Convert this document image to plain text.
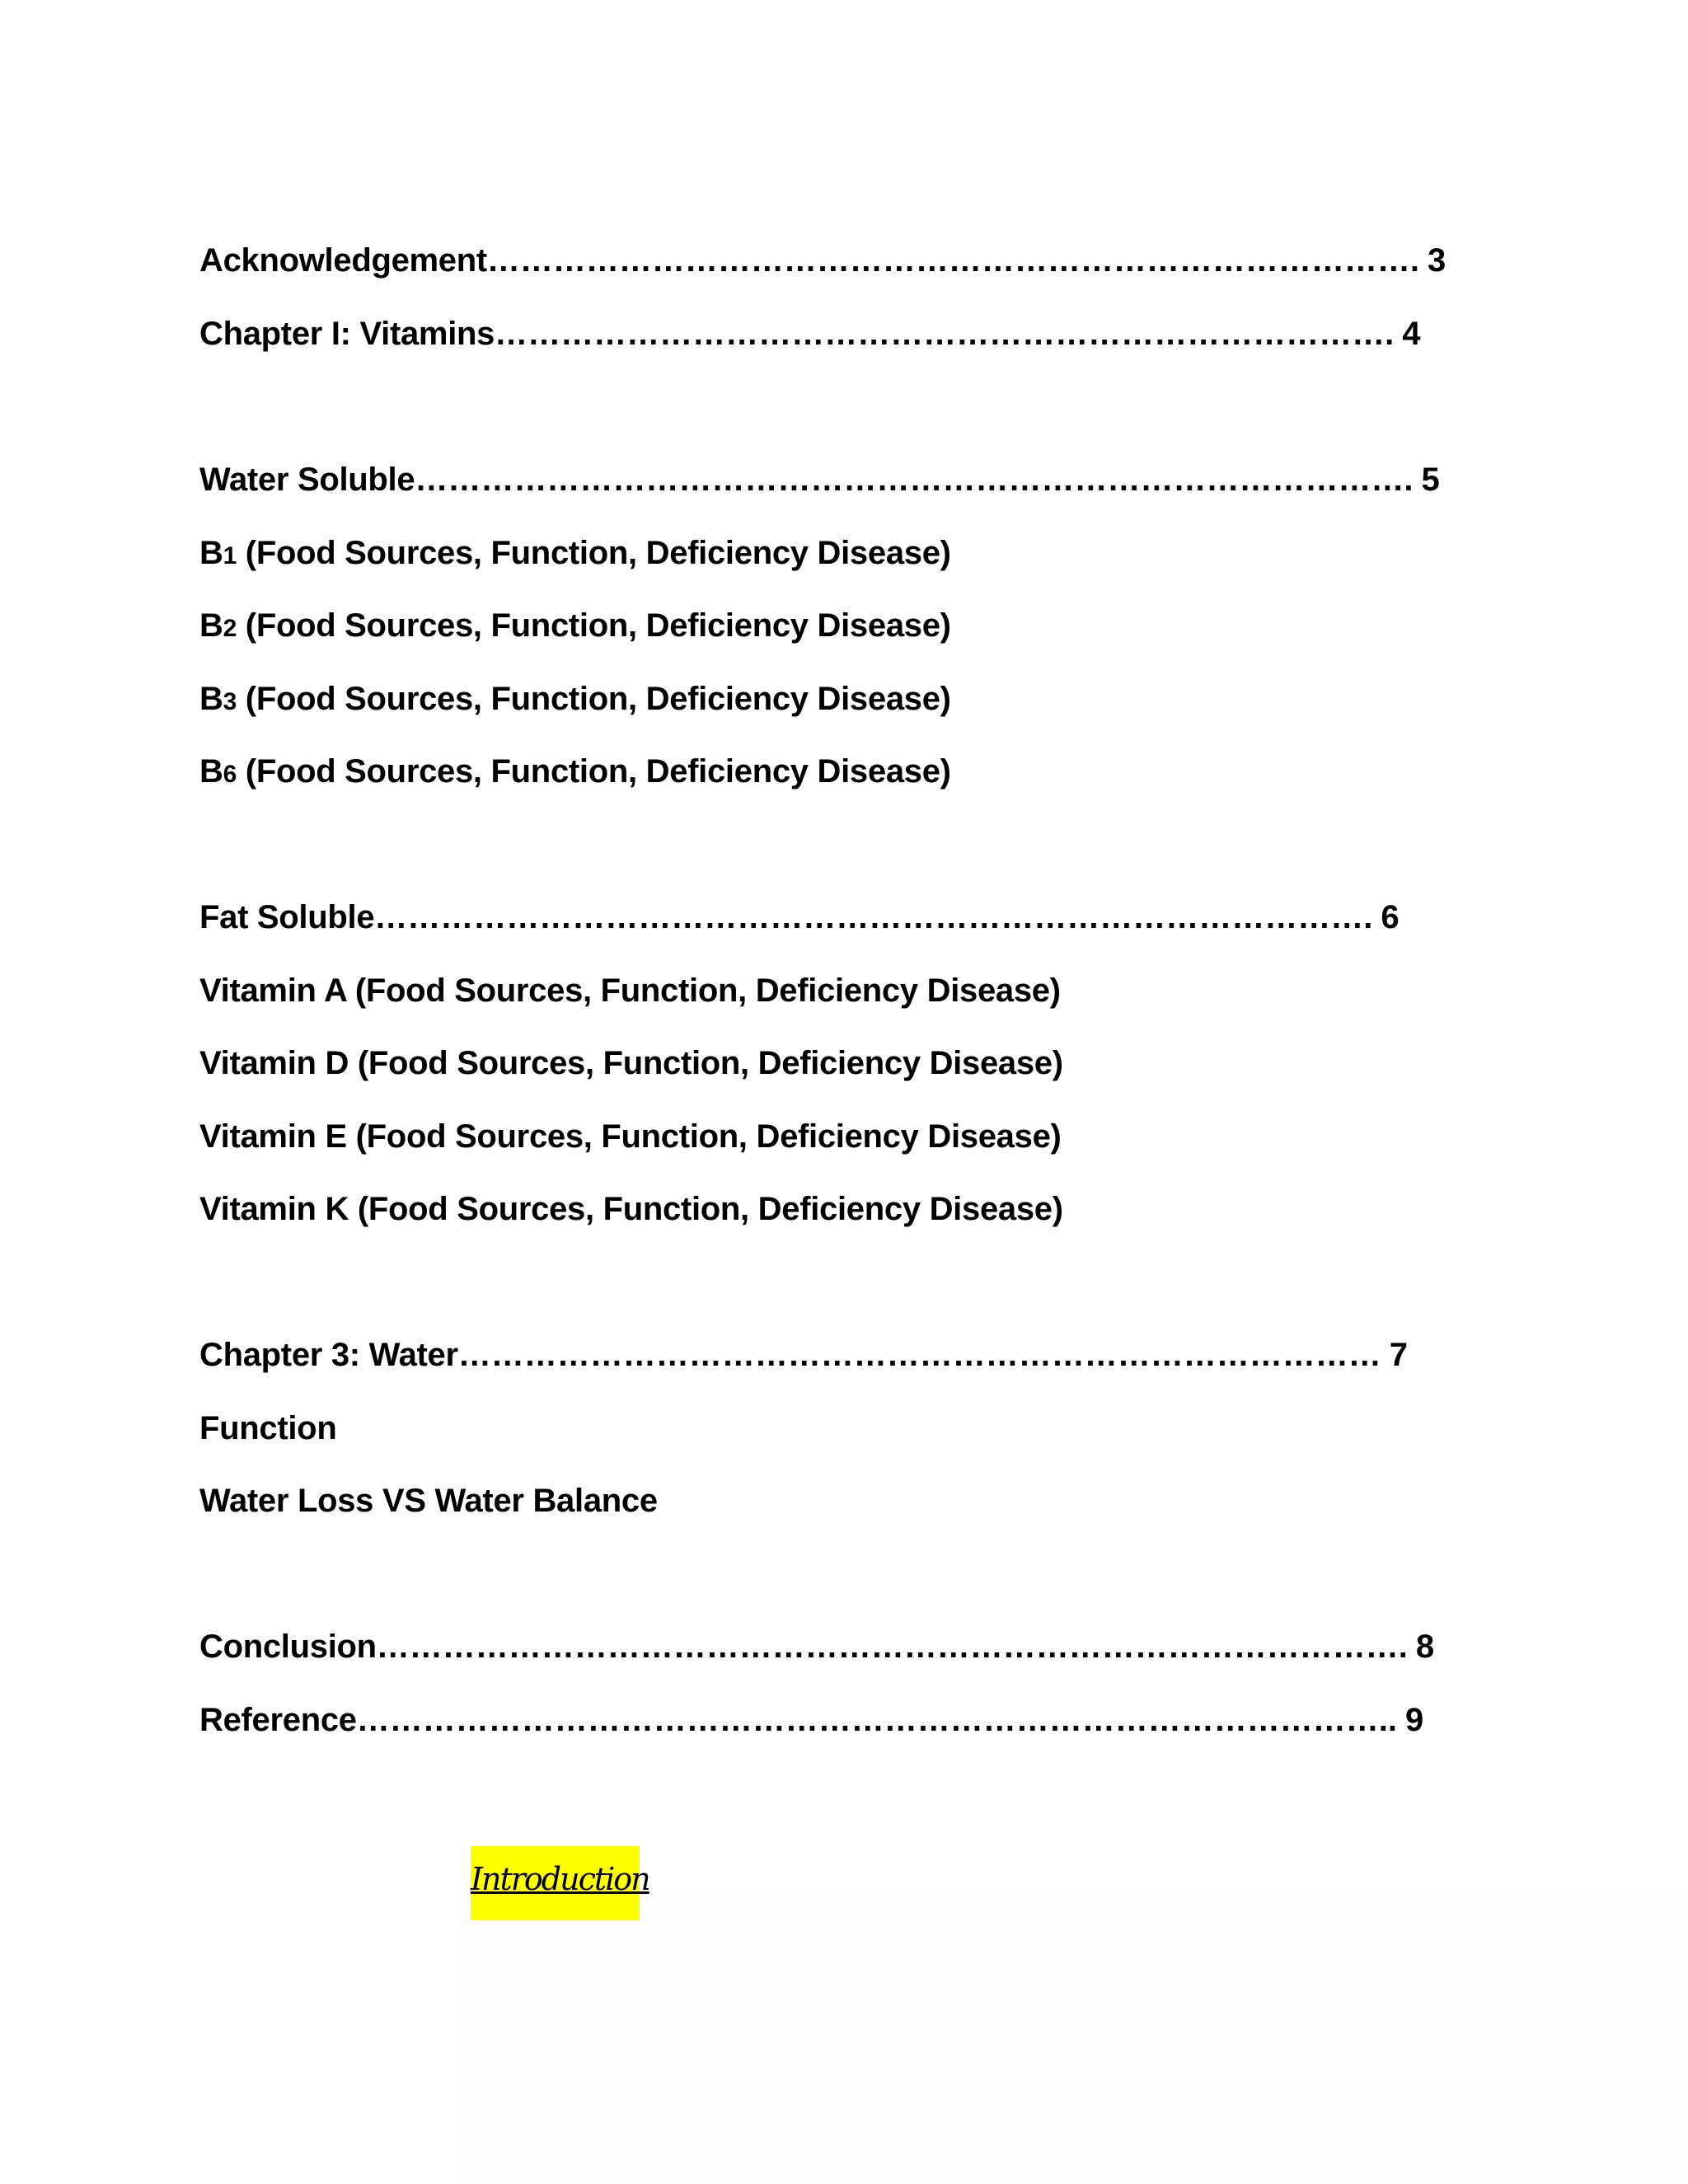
Acknowledgement…………………………………………………………………………. 3
Chapter I: Vitamins………………………………………………………………………. 4
Water Soluble………………………………………………………………………………. 5
B1 (Food Sources, Function, Deficiency Disease)
B2 (Food Sources, Function, Deficiency Disease)
B3 (Food Sources, Function, Deficiency Disease)
B6 (Food Sources, Function, Deficiency Disease)
Fat Soluble………………………………………………………………………………. 6
Vitamin A (Food Sources, Function, Deficiency Disease)
Vitamin D (Food Sources, Function, Deficiency Disease)
Vitamin E (Food Sources, Function, Deficiency Disease)
Vitamin K (Food Sources, Function, Deficiency Disease)
Chapter 3: Water………………………………………………………………………… 7
Function
Water Loss VS Water Balance
Conclusion…………………………………………………………………………………. 8
Reference………………………………………………………………………………….. 9
Introduction
